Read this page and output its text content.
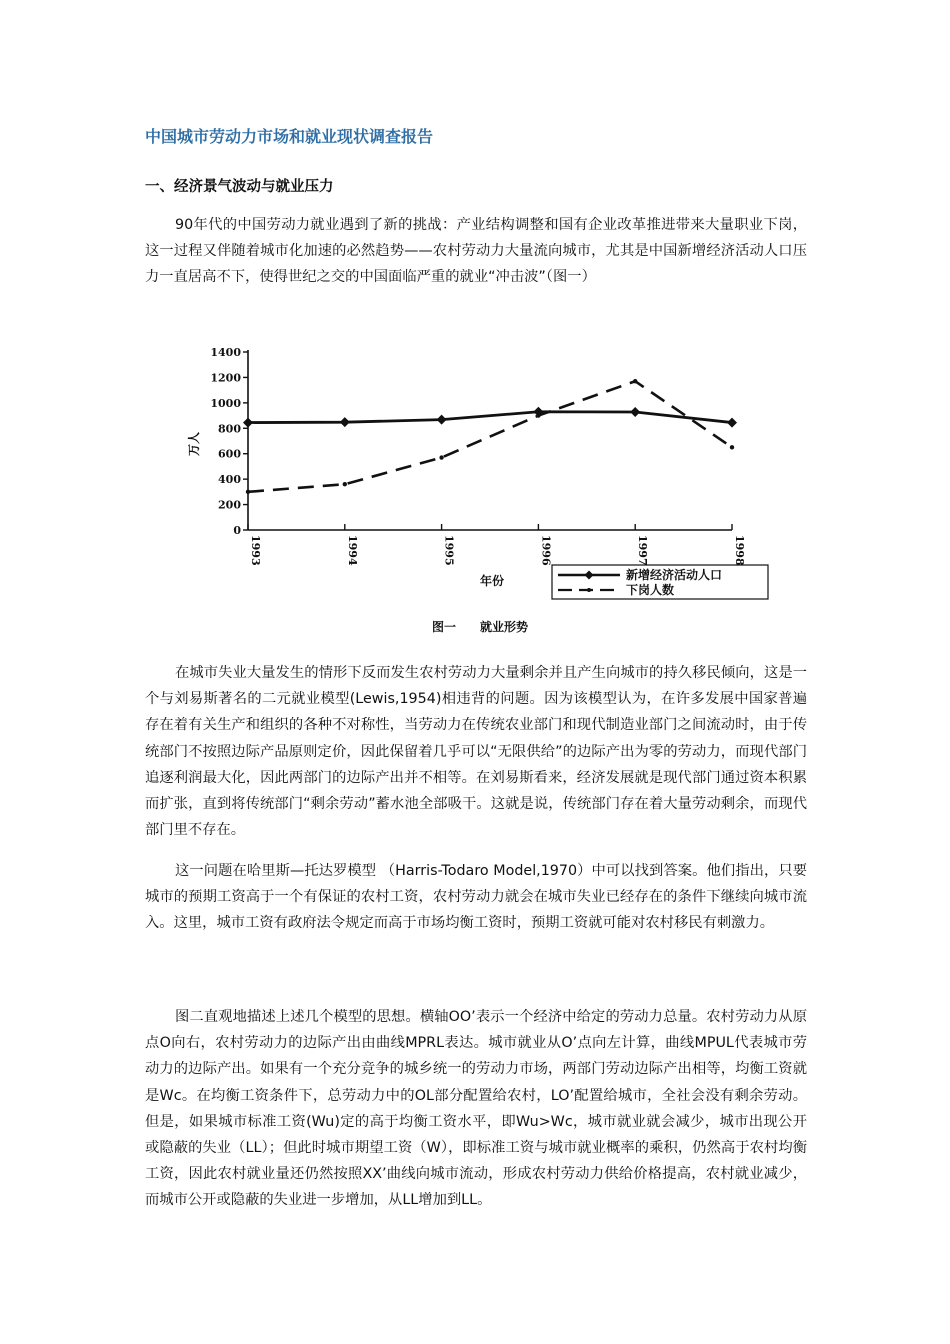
中国城市劳动力市场和就业现状调查报告
一、经济景气波动与就业压力

90年代的中国劳动力就业遇到了新的挑战：产业结构调整和国有企业改革推进带来大量职业下岗，这一过程又伴随着城市化加速的必然趋势——农村劳动力大量流向城市，尤其是中国新增经济活动人口压力一直居高不下，使得世纪之交的中国面临严重的就业“冲击波”（图一）

0
200
400
600
800
1000
1200
1400
1993	1994	1995	1996	1997	1998
万人
年份	新增经济活动人口
下岗人数
图一　　就业形势

在城市失业大量发生的情形下反而发生农村劳动力大量剩余并且产生向城市的持久移民倾向，这是一个与刘易斯著名的二元就业模型(Lewis,1954)相违背的问题。因为该模型认为，在许多发展中国家普遍存在着有关生产和组织的各种不对称性，当劳动力在传统农业部门和现代制造业部门之间流动时，由于传统部门不按照边际产品原则定价，因此保留着几乎可以“无限供给”的边际产出为零的劳动力，而现代部门追逐利润最大化，因此两部门的边际产出并不相等。在刘易斯看来，经济发展就是现代部门通过资本积累而扩张，直到将传统部门“剩余劳动”蓄水池全部吸干。这就是说，传统部门存在着大量劳动剩余，而现代部门里不存在。

这一问题在哈里斯—托达罗模型 （Harris-Todaro Model,1970）中可以找到答案。他们指出，只要城市的预期工资高于一个有保证的农村工资，农村劳动力就会在城市失业已经存在的条件下继续向城市流入。这里，城市工资有政府法令规定而高于市场均衡工资时，预期工资就可能对农村移民有刺激力。

图二直观地描述上述几个模型的思想。横轴OO’表示一个经济中给定的劳动力总量。农村劳动力从原点O向右，农村劳动力的边际产出由曲线MPRL表达。城市就业从O’点向左计算，曲线MPUL代表城市劳动力的边际产出。如果有一个充分竞争的城乡统一的劳动力市场，两部门劳动边际产出相等，均衡工资就是Wc。在均衡工资条件下，总劳动力中的OL部分配置给农村，LO’配置给城市，全社会没有剩余劳动。但是，如果城市标准工资(Wu)定的高于均衡工资水平，即Wu>Wc，城市就业就会减少，城市出现公开或隐蔽的失业（LL）；但此时城市期望工资（W），即标准工资与城市就业概率的乘积，仍然高于农村均衡工资，因此农村就业量还仍然按照XX’曲线向城市流动，形成农村劳动力供给价格提高，农村就业减少，而城市公开或隐蔽的失业进一步增加，从LL增加到LL。
